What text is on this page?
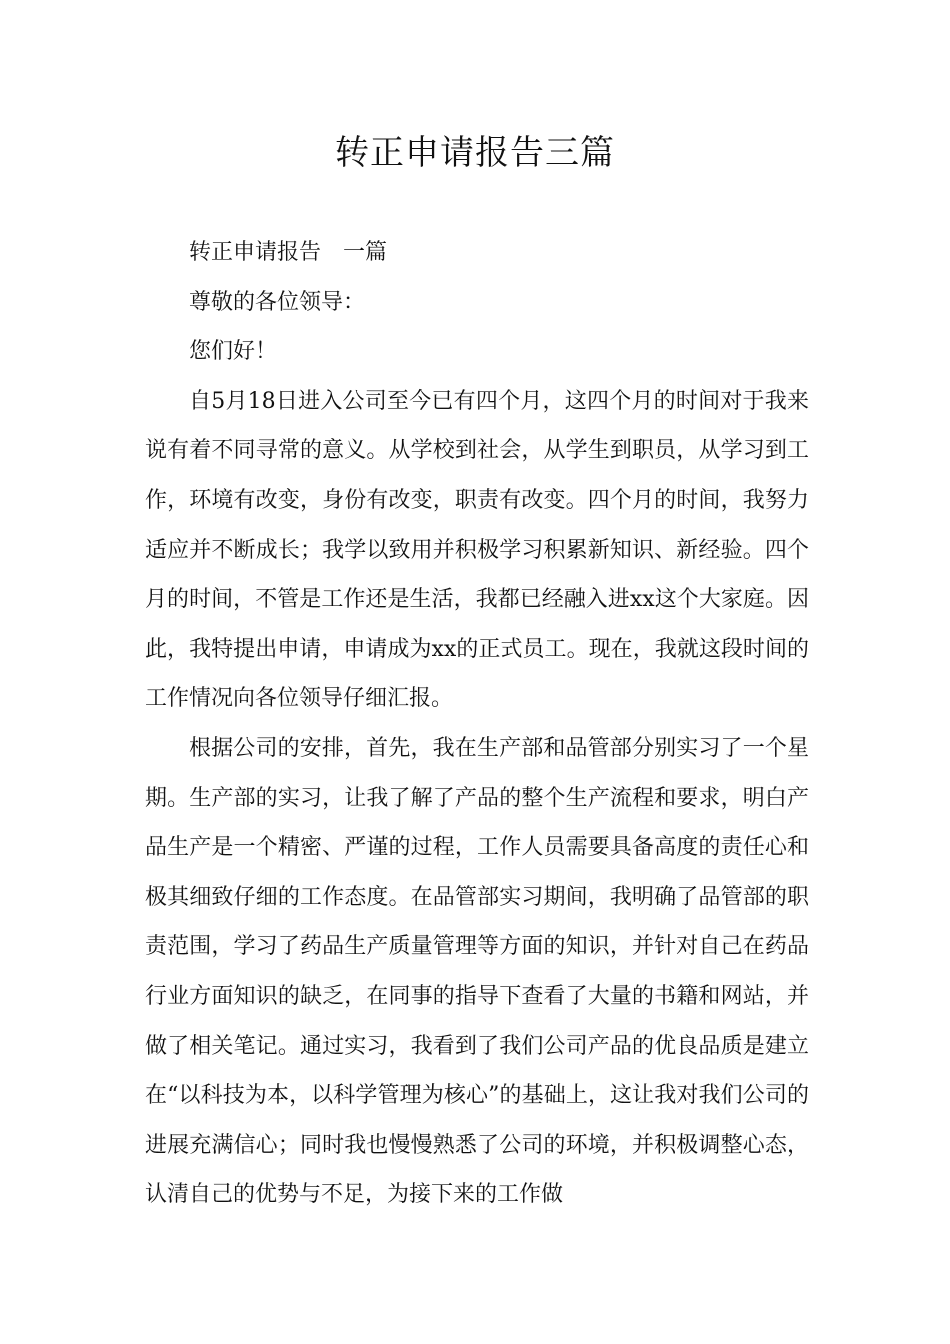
转正申请报告三篇

转正申请报告　一篇

尊敬的各位领导：

您们好！

自5月18日进入公司至今已有四个月，这四个月的时间对于我来说有着不同寻常的意义。从学校到社会，从学生到职员，从学习到工作，环境有改变，身份有改变，职责有改变。四个月的时间，我努力适应并不断成长；我学以致用并积极学习积累新知识、新经验。四个月的时间，不管是工作还是生活，我都已经融入进xx这个大家庭。因此，我特提出申请，申请成为xx的正式员工。现在，我就这段时间的工作情况向各位领导仔细汇报。

根据公司的安排，首先，我在生产部和品管部分别实习了一个星期。生产部的实习，让我了解了产品的整个生产流程和要求，明白产品生产是一个精密、严谨的过程，工作人员需要具备高度的责任心和极其细致仔细的工作态度。在品管部实习期间，我明确了品管部的职责范围，学习了药品生产质量管理等方面的知识，并针对自己在药品行业方面知识的缺乏，在同事的指导下查看了大量的书籍和网站，并做了相关笔记。通过实习，我看到了我们公司产品的优良品质是建立在“以科技为本，以科学管理为核心”的基础上，这让我对我们公司的进展充满信心；同时我也慢慢熟悉了公司的环境，并积极调整心态，认清自己的优势与不足，为接下来的工作做
